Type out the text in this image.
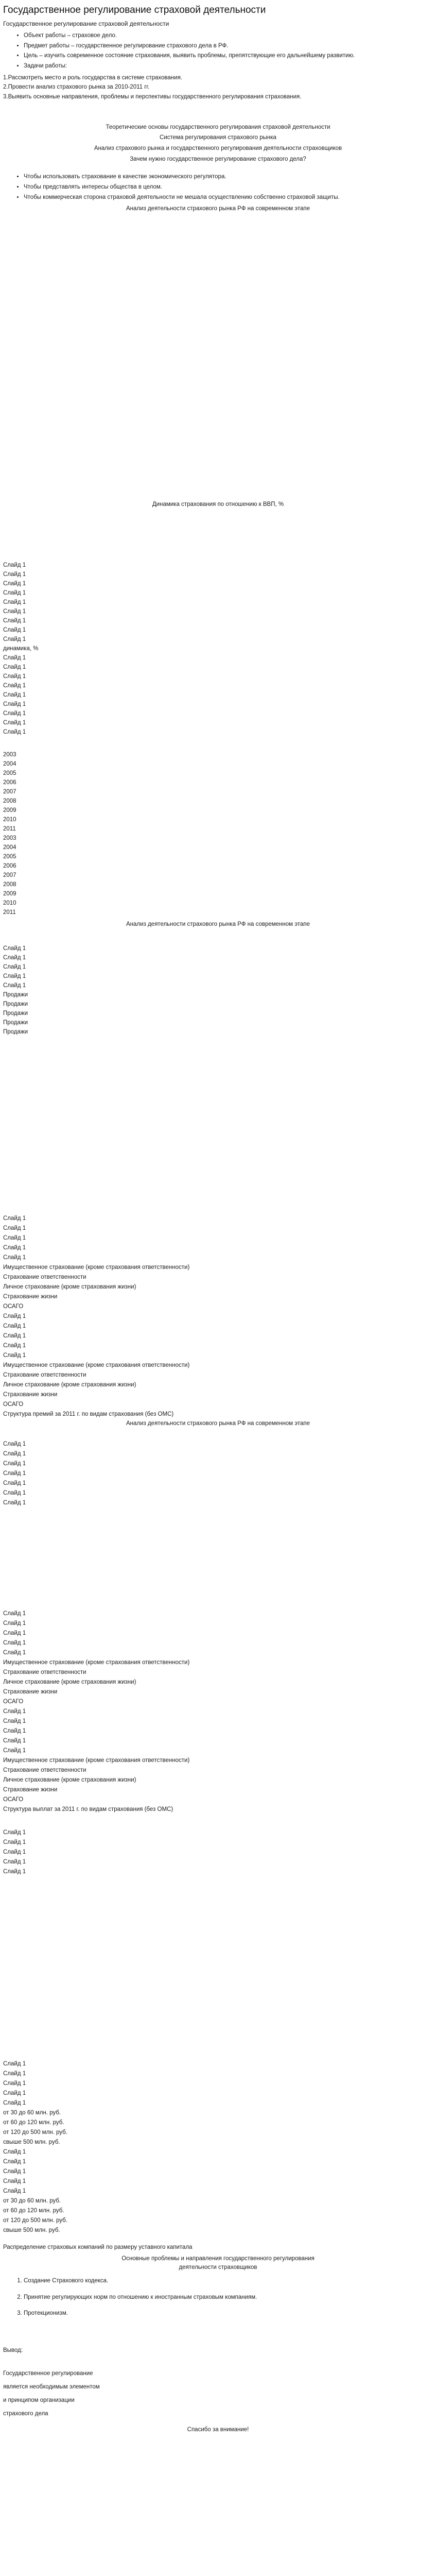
Государственное регулирование страховой деятельности
Государственное регулирование страховой деятельности
• Объект работы – страховое дело.
• Предмет работы – государственное регулирование страхового дела в РФ.
• Цель – изучить современное состояние страхования, выявить проблемы, препятствующие его дальнейшему развитию.
• Задачи работы:
1.Рассмотреть место и роль государства в системе страхования.
2.Провести анализ страхового рынка за 2010-2011 гг.
3.Выявить основные направления, проблемы и перспективы государственного регулирования страхования.
Теоретические основы государственного регулирования страховой деятельности
Система регулирования страхового рынка
Анализ страхового рынка и государственного регулирования деятельности страховщиков
Зачем нужно государственное регулирование страхового дела?
• Чтобы использовать страхование в качестве экономического регулятора.
• Чтобы представлять интересы общества в целом.
• Чтобы коммерческая сторона страховой деятельности не мешала осуществлению собственно страховой защиты.
Анализ деятельности страхового рынка РФ на современном этапе
Динамика страхования по отношению к ВВП, %
Слайд 1
Слайд 1
Слайд 1
Слайд 1
Слайд 1
Слайд 1
Слайд 1
Слайд 1
Слайд 1
динамика, %
Слайд 1
Слайд 1
Слайд 1
Слайд 1
Слайд 1
Слайд 1
Слайд 1
Слайд 1
Слайд 1
2003
2004
2005
2006
2007
2008
2009
2010
2011
2003
2004
2005
2006
2007
2008
2009
2010
2011
Анализ деятельности страхового рынка РФ на современном этапе
Слайд 1
Слайд 1
Слайд 1
Слайд 1
Слайд 1
Продажи
Продажи
Продажи
Продажи
Продажи
Слайд 1
Слайд 1
Слайд 1
Слайд 1
Слайд 1
Имущественное страхование (кроме страхования ответственности)
Страхование ответственности
Личное страхование (кроме страхования жизни)
Страхование жизни
ОСАГО
Слайд 1
Слайд 1
Слайд 1
Слайд 1
Слайд 1
Имущественное страхование (кроме страхования ответственности)
Страхование ответственности
Личное страхование (кроме страхования жизни)
Страхование жизни
ОСАГО
Структура премий за 2011 г. по видам страхования (без ОМС)
Анализ деятельности страхового рынка РФ на современном этапе
Слайд 1
Слайд 1
Слайд 1
Слайд 1
Слайд 1
Слайд 1
Слайд 1
Слайд 1
Слайд 1
Слайд 1
Слайд 1
Слайд 1
Имущественное страхование (кроме страхования ответственности)
Страхование ответственности
Личное страхование (кроме страхования жизни)
Страхование жизни
ОСАГО
Слайд 1
Слайд 1
Слайд 1
Слайд 1
Слайд 1
Имущественное страхование (кроме страхования ответственности)
Страхование ответственности
Личное страхование (кроме страхования жизни)
Страхование жизни
ОСАГО
Структура выплат за 2011 г. по видам страхования (без ОМС)
Слайд 1
Слайд 1
Слайд 1
Слайд 1
Слайд 1
Слайд 1
Слайд 1
Слайд 1
Слайд 1
Слайд 1
от 30 до 60 млн. руб.
от 60 до 120 млн. руб.
от 120 до 500 млн. руб.
свыше 500 млн. руб.
Слайд 1
Слайд 1
Слайд 1
Слайд 1
Слайд 1
от 30 до 60 млн. руб.
от 60 до 120 млн. руб.
от 120 до 500 млн. руб.
свыше 500 млн. руб.
Распределение страховых компаний по размеру уставного капитала
Основные проблемы и направления государственного регулирования деятельности страховщиков
1. Создание Страхового кодекса.
2. Принятие регулирующих норм по отношению к иностранным страховым компаниям.
3. Протекционизм.
Вывод:
Государственное регулирование
является необходимым элементом
и принципом организации
страхового дела
Спасибо за внимание!
